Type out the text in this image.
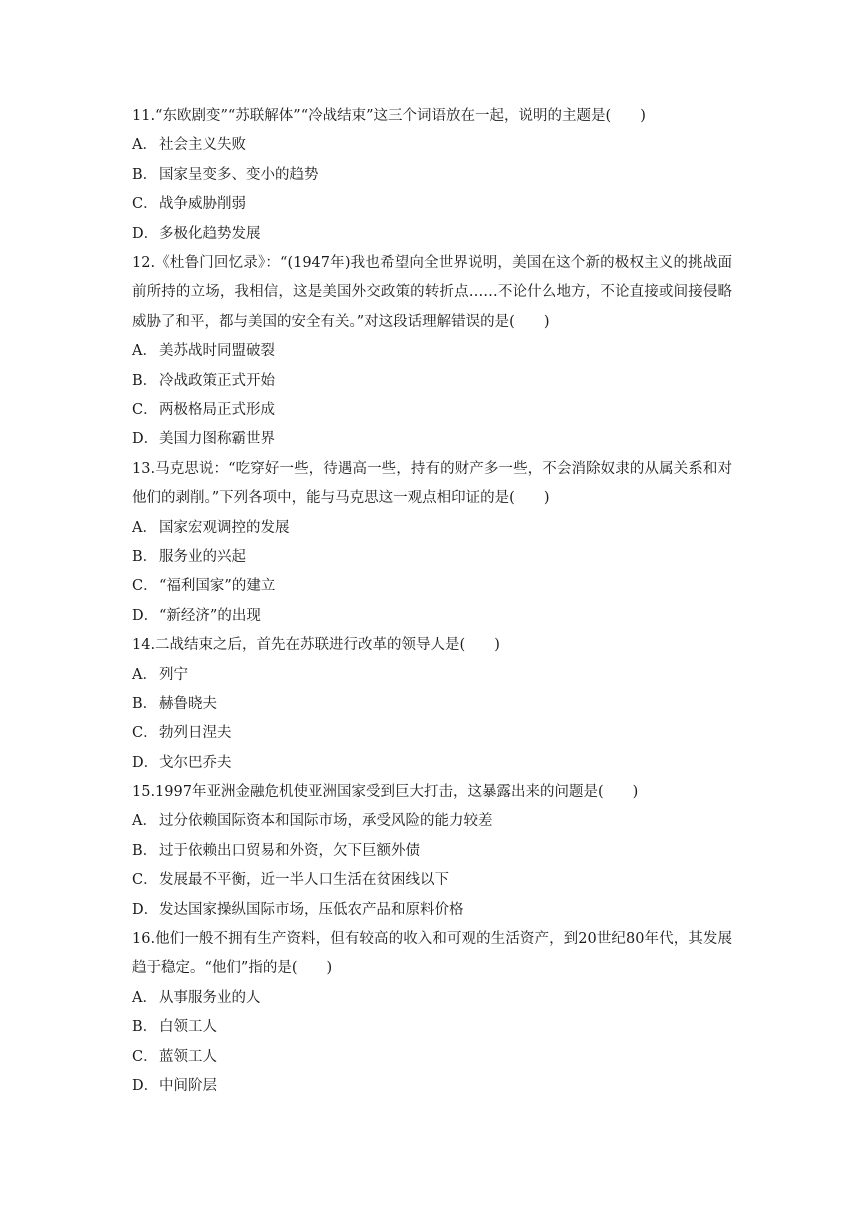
11.“东欧剧变”“苏联解体”“冷战结束”这三个词语放在一起，说明的主题是(　　)
A． 社会主义失败
B． 国家呈变多、变小的趋势
C． 战争威胁削弱
D． 多极化趋势发展
12.《杜鲁门回忆录》：“(1947年)我也希望向全世界说明，美国在这个新的极权主义的挑战面前所持的立场，我相信，这是美国外交政策的转折点……不论什么地方，不论直接或间接侵略威胁了和平，都与美国的安全有关。”对这段话理解错误的是(　　)
A． 美苏战时同盟破裂
B． 冷战政策正式开始
C． 两极格局正式形成
D． 美国力图称霸世界
13.马克思说：“吃穿好一些，待遇高一些，持有的财产多一些，不会消除奴隶的从属关系和对他们的剥削。”下列各项中，能与马克思这一观点相印证的是(　　)
A． 国家宏观调控的发展
B． 服务业的兴起
C． “福利国家”的建立
D． “新经济”的出现
14.二战结束之后，首先在苏联进行改革的领导人是(　　)
A． 列宁
B． 赫鲁晓夫
C． 勃列日涅夫
D． 戈尔巴乔夫
15.1997年亚洲金融危机使亚洲国家受到巨大打击，这暴露出来的问题是(　　)
A． 过分依赖国际资本和国际市场，承受风险的能力较差
B． 过于依赖出口贸易和外资，欠下巨额外债
C． 发展最不平衡，近一半人口生活在贫困线以下
D． 发达国家操纵国际市场，压低农产品和原料价格
16.他们一般不拥有生产资料，但有较高的收入和可观的生活资产，到20世纪80年代，其发展趋于稳定。“他们”指的是(　　)
A． 从事服务业的人
B． 白领工人
C． 蓝领工人
D． 中间阶层
